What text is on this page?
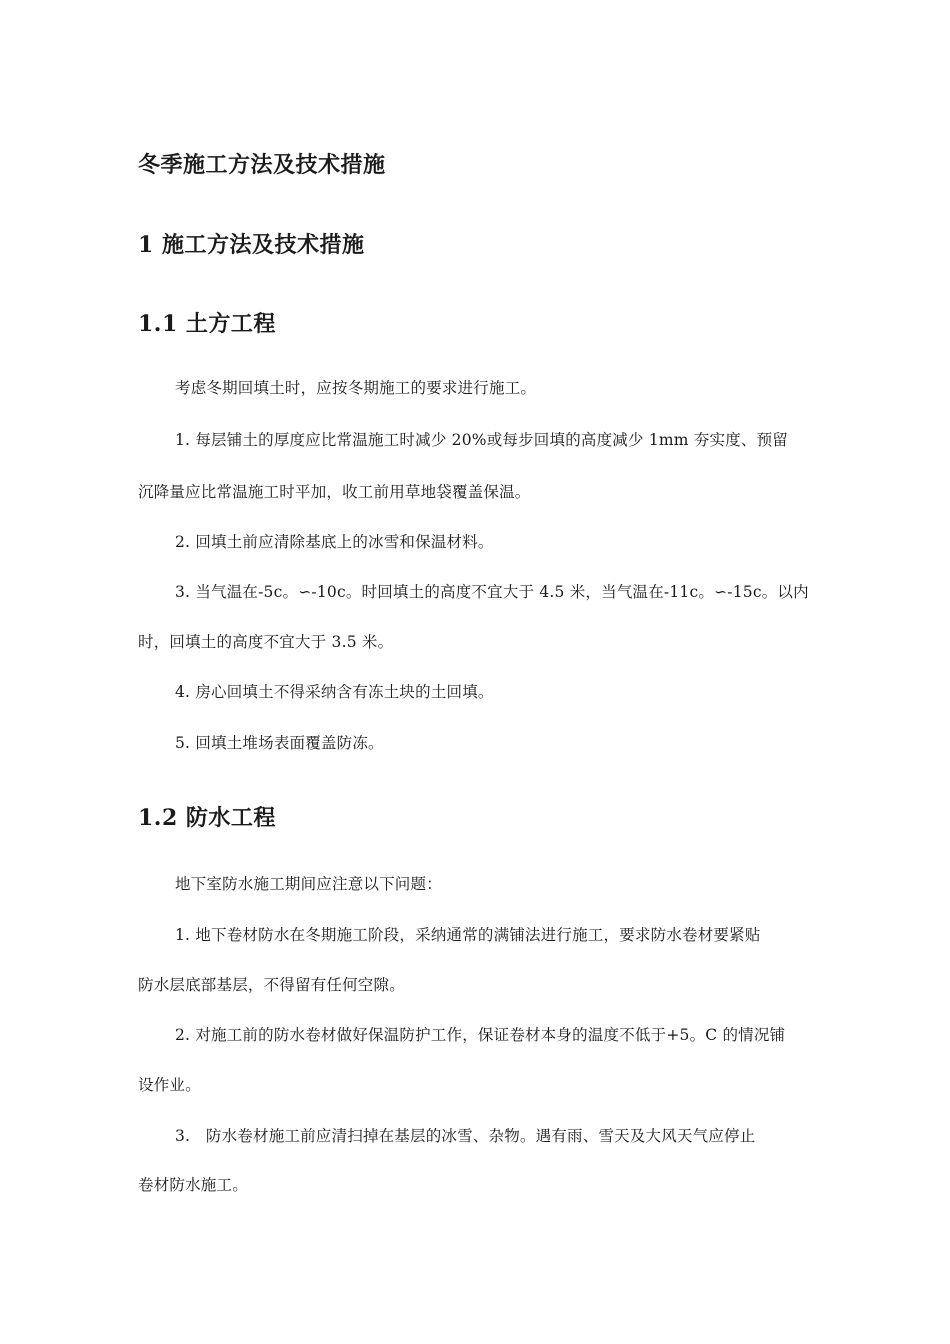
冬季施工方法及技术措施
1 施工方法及技术措施
1.1 土方工程

考虑冬期回填土时，应按冬期施工的要求进行施工。

1. 每层铺土的厚度应比常温施工时减少 20%或每步回填的高度减少 1mm 夯实度、预留

沉降量应比常温施工时平加，收工前用草地袋覆盖保温。

2. 回填土前应清除基底上的冰雪和保温材料。

3. 当气温在-5c。∽-10c。时回填土的高度不宜大于 4.5 米，当气温在-11c。∽-15c。以内

时，回填土的高度不宜大于 3.5 米。

4. 房心回填土不得采纳含有冻土块的土回填。

5. 回填土堆场表面覆盖防冻。

1.2 防水工程

地下室防水施工期间应注意以下问题：

1. 地下卷材防水在冬期施工阶段，采纳通常的满铺法进行施工，要求防水卷材要紧贴

防水层底部基层，不得留有任何空隙。

2. 对施工前的防水卷材做好保温防护工作，保证卷材本身的温度不低于+5。C 的情况铺

设作业。

3.　防水卷材施工前应清扫掉在基层的冰雪、杂物。遇有雨、雪天及大风天气应停止

卷材防水施工。
